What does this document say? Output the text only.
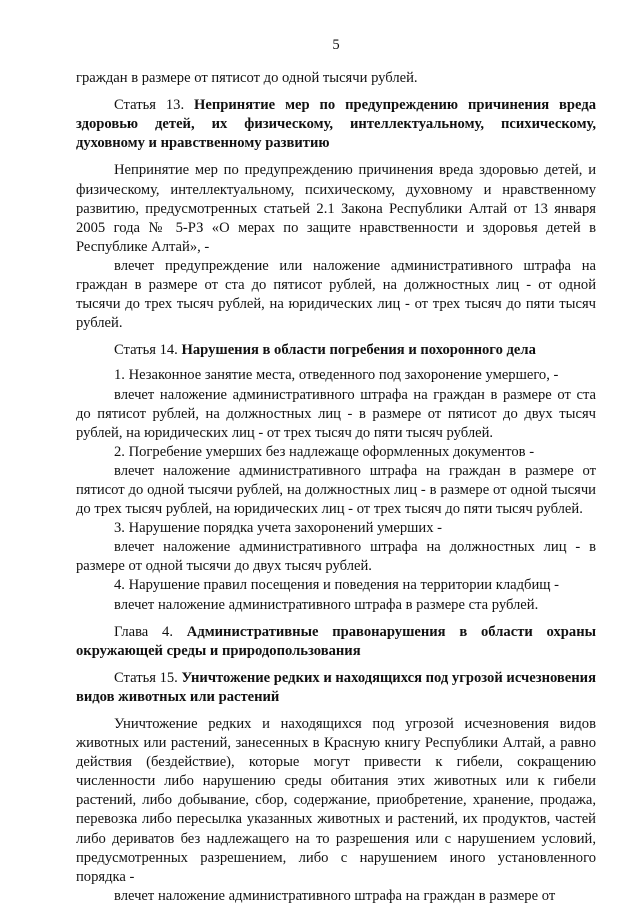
5

граждан в размере от пятисот до одной тысячи рублей.

Статья 13. Непринятие мер по предупреждению причинения вреда здоровью детей, их физическому, интеллектуальному, психическому, духовному и нравственному развитию

Непринятие мер по предупреждению причинения вреда здоровью детей, и физическому, интеллектуальному, психическому, духовному и нравственному развитию, предусмотренных статьей 2.1 Закона Республики Алтай от 13 января 2005 года № 5-РЗ «О мерах по защите нравственности и здоровья детей в Республике Алтай», -

влечет предупреждение или наложение административного штрафа на граждан в размере от ста до пятисот рублей, на должностных лиц - от одной тысячи до трех тысяч рублей, на юридических лиц - от трех тысяч до пяти тысяч рублей.

Статья 14. Нарушения в области погребения и похоронного дела

1. Незаконное занятие места, отведенного под захоронение умершего, -

влечет наложение административного штрафа на граждан в размере от ста до пятисот рублей, на должностных лиц - в размере от пятисот до двух тысяч рублей, на юридических лиц - от трех тысяч до пяти тысяч рублей.

2. Погребение умерших без надлежаще оформленных документов -

влечет наложение административного штрафа на граждан в размере от пятисот до одной тысячи рублей, на должностных лиц - в размере от одной тысячи до трех тысяч рублей, на юридических лиц - от трех тысяч до пяти тысяч рублей.

3. Нарушение порядка учета захоронений умерших -

влечет наложение административного штрафа на должностных лиц - в размере от одной тысячи до двух тысяч рублей.

4. Нарушение правил посещения и поведения на территории кладбищ -

влечет наложение административного штрафа в размере ста рублей.

Глава 4. Административные правонарушения в области охраны окружающей среды и природопользования

Статья 15. Уничтожение редких и находящихся под угрозой исчезновения видов животных или растений

Уничтожение редких и находящихся под угрозой исчезновения видов животных или растений, занесенных в Красную книгу Республики Алтай, а равно действия (бездействие), которые могут привести к гибели, сокращению численности либо нарушению среды обитания этих животных или к гибели растений, либо добывание, сбор, содержание, приобретение, хранение, продажа, перевозка либо пересылка указанных животных и растений, их продуктов, частей либо дериватов без надлежащего на то разрешения или с нарушением условий, предусмотренных разрешением, либо с нарушением иного установленного порядка -

влечет наложение административного штрафа на граждан в размере от
